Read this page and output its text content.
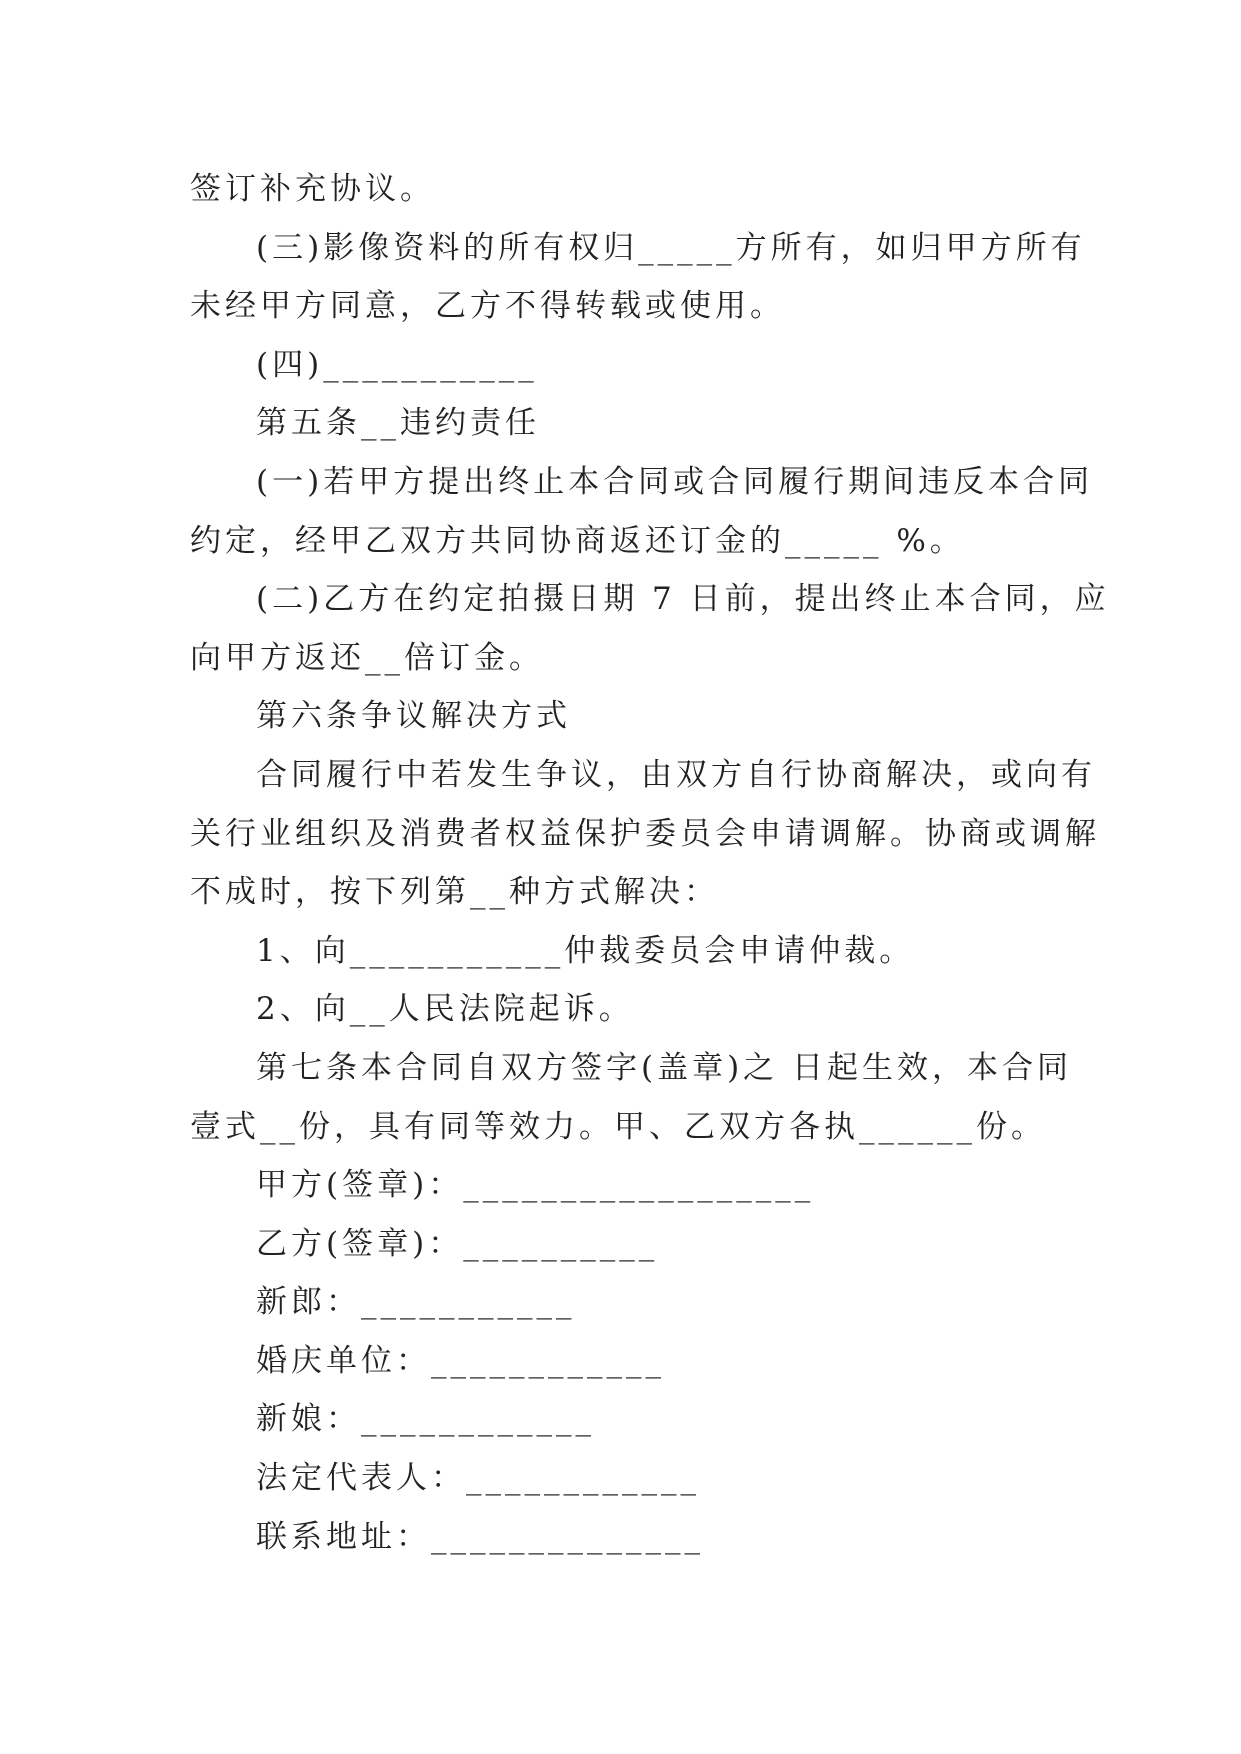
签订补充协议。
(三)影像资料的所有权归_____方所有，如归甲方所有
未经甲方同意，乙方不得转载或使用。
(四)___________
第五条__违约责任
(一)若甲方提出终止本合同或合同履行期间违反本合同
约定，经甲乙双方共同协商返还订金的_____ %。
(二)乙方在约定拍摄日期 7 日前，提出终止本合同，应
向甲方返还__倍订金。
第六条争议解决方式
合同履行中若发生争议，由双方自行协商解决，或向有
关行业组织及消费者权益保护委员会申请调解。协商或调解
不成时，按下列第__种方式解决：
1、向___________仲裁委员会申请仲裁。
2、向__人民法院起诉。
第七条本合同自双方签字(盖章)之 日起生效，本合同
壹式__份，具有同等效力。甲、乙双方各执______份。
甲方(签章)：__________________
乙方(签章)：__________
新郎：___________
婚庆单位：____________
新娘：____________
法定代表人：____________
联系地址：______________
